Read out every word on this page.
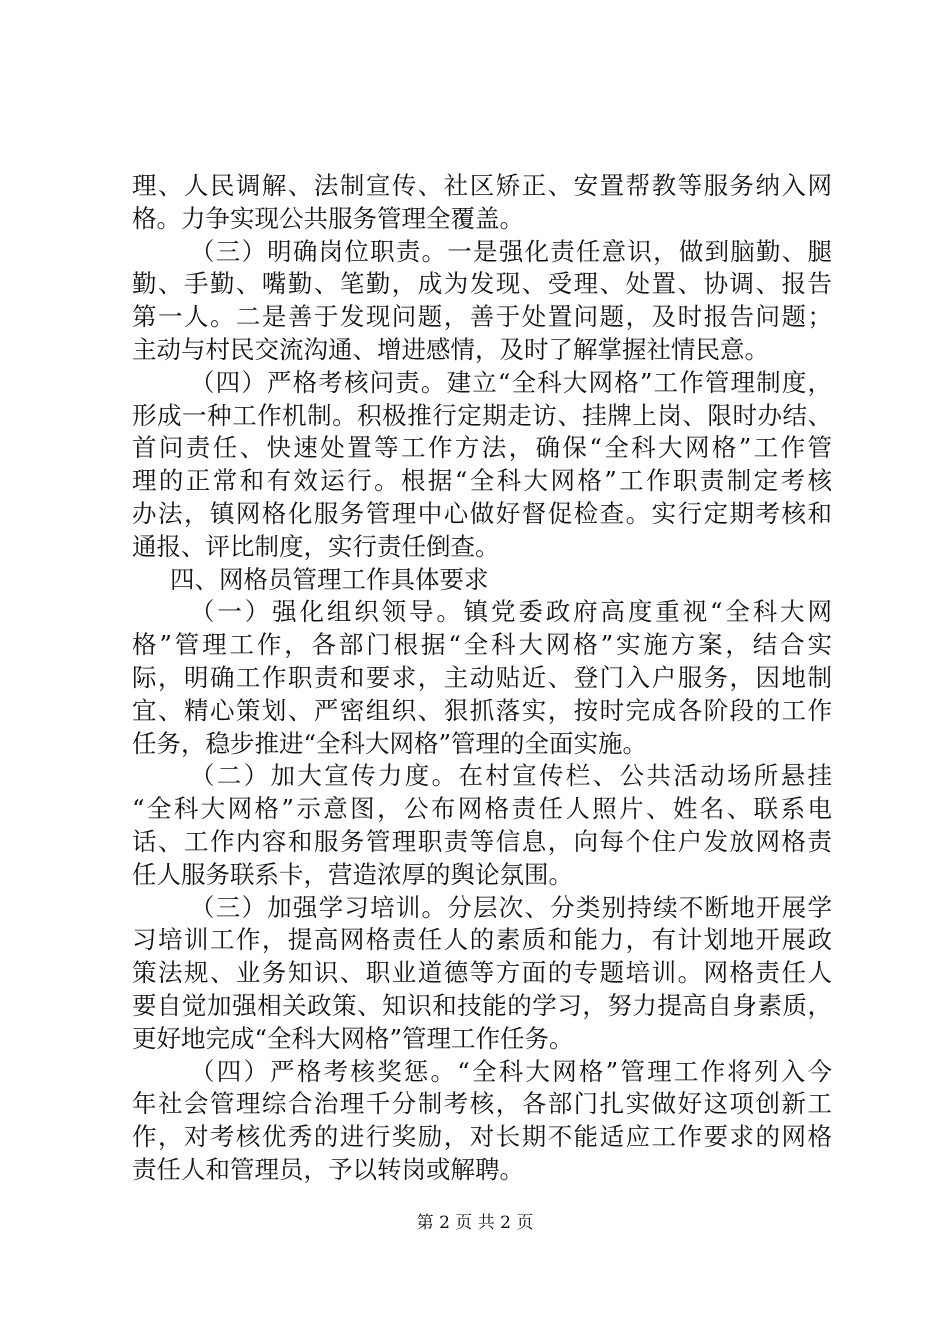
理、人民调解、法制宣传、社区矫正、安置帮教等服务纳入网
格。力争实现公共服务管理全覆盖。
（三）明确岗位职责。一是强化责任意识，做到脑勤、腿
勤、手勤、嘴勤、笔勤，成为发现、受理、处置、协调、报告
第一人。二是善于发现问题，善于处置问题，及时报告问题；
主动与村民交流沟通、增进感情，及时了解掌握社情民意。
（四）严格考核问责。建立“全科大网格”工作管理制度，
形成一种工作机制。积极推行定期走访、挂牌上岗、限时办结、
首问责任、快速处置等工作方法，确保“全科大网格”工作管
理的正常和有效运行。根据“全科大网格”工作职责制定考核
办法，镇网格化服务管理中心做好督促检查。实行定期考核和
通报、评比制度，实行责任倒查。
四、网格员管理工作具体要求
（一）强化组织领导。镇党委政府高度重视“全科大网
格”管理工作，各部门根据“全科大网格”实施方案，结合实
际，明确工作职责和要求，主动贴近、登门入户服务，因地制
宜、精心策划、严密组织、狠抓落实，按时完成各阶段的工作
任务，稳步推进“全科大网格”管理的全面实施。
（二）加大宣传力度。在村宣传栏、公共活动场所悬挂
“全科大网格”示意图，公布网格责任人照片、姓名、联系电
话、工作内容和服务管理职责等信息，向每个住户发放网格责
任人服务联系卡，营造浓厚的舆论氛围。
（三）加强学习培训。分层次、分类别持续不断地开展学
习培训工作，提高网格责任人的素质和能力，有计划地开展政
策法规、业务知识、职业道德等方面的专题培训。网格责任人
要自觉加强相关政策、知识和技能的学习，努力提高自身素质，
更好地完成“全科大网格”管理工作任务。
（四）严格考核奖惩。“全科大网格”管理工作将列入今
年社会管理综合治理千分制考核，各部门扎实做好这项创新工
作，对考核优秀的进行奖励，对长期不能适应工作要求的网格
责任人和管理员，予以转岗或解聘。
第 2 页 共 2 页
